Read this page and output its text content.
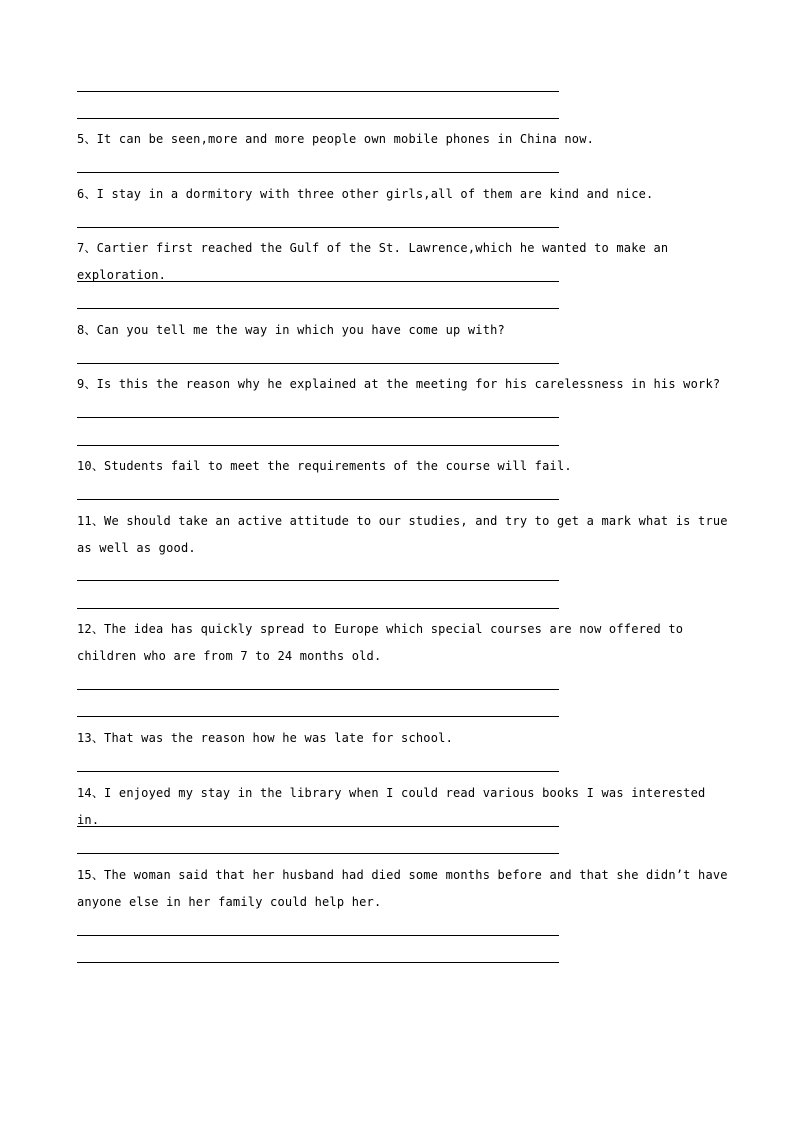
5、It can be seen,more and more people own mobile phones in China now.
6、I stay in a dormitory with three other girls,all of them are kind and nice.
7、Cartier first reached the Gulf of the St. Lawrence,which he wanted to make an exploration.
8、Can you tell me the way in which you have come up with?
9、Is this the reason why he explained at the meeting for his carelessness in his work?
10、Students fail to meet the requirements of the course will fail.
11、We should take an active attitude to our studies, and try to get a mark what is true as well as good.
12、The idea has quickly spread to Europe which special courses are now offered to children who are from 7 to 24 months old.
13、That was the reason how he was late for school.
14、I enjoyed my stay in the library when I could read various books I was interested in.
15、The woman said that her husband had died some months before and that she didn’t have anyone else in her family could help her.
